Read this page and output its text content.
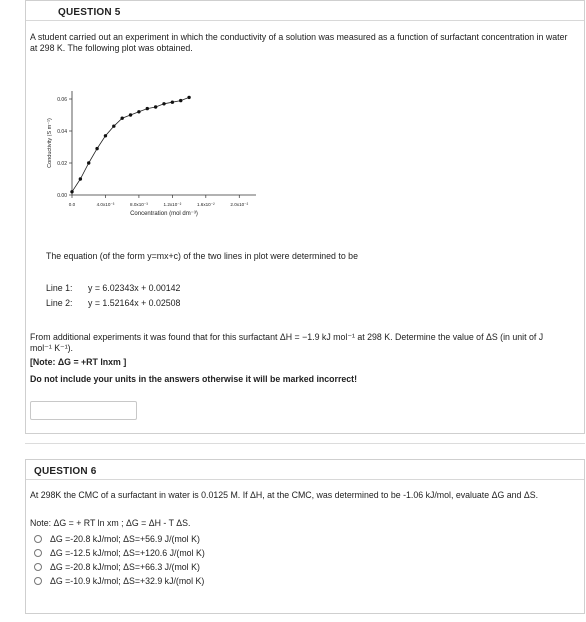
QUESTION 5
A student carried out an experiment in which the conductivity of a solution was measured as a function of surfactant concentration in water at 298 K. The following plot was obtained.
0.00
0.02
0.04
0.06
0.0	4.0x10⁻³	8.0x10⁻³	1.2x10⁻²	1.6x10⁻²	2.0x10⁻²
Conductivity (S m⁻¹)
Concentration (mol dm⁻³)
The equation (of the form y=mx+c) of the two lines in plot were determined to be
Line 1: y = 6.02343x + 0.00142
Line 2: y = 1.52164x + 0.02508
From additional experiments it was found that for this surfactant ΔH = −1.9 kJ mol⁻¹ at 298 K. Determine the value of ΔS (in unit of J
mol⁻¹ K⁻¹).
[Note: ΔG = +RT lnxm ]
Do not include your units in the answers otherwise it will be marked incorrect!
QUESTION 6
At 298K the CMC of a surfactant in water is 0.0125 M. If ΔH, at the CMC, was determined to be -1.06 kJ/mol, evaluate ΔG and ΔS.
Note: ΔG = + RT ln xm ; ΔG = ΔH - T ΔS.
ΔG =-20.8 kJ/mol; ΔS=+56.9 J/(mol K)
ΔG =-12.5 kJ/mol; ΔS=+120.6 J/(mol K)
ΔG =-20.8 kJ/mol; ΔS=+66.3 J/(mol K)
ΔG =-10.9 kJ/mol; ΔS=+32.9 kJ/(mol K)
